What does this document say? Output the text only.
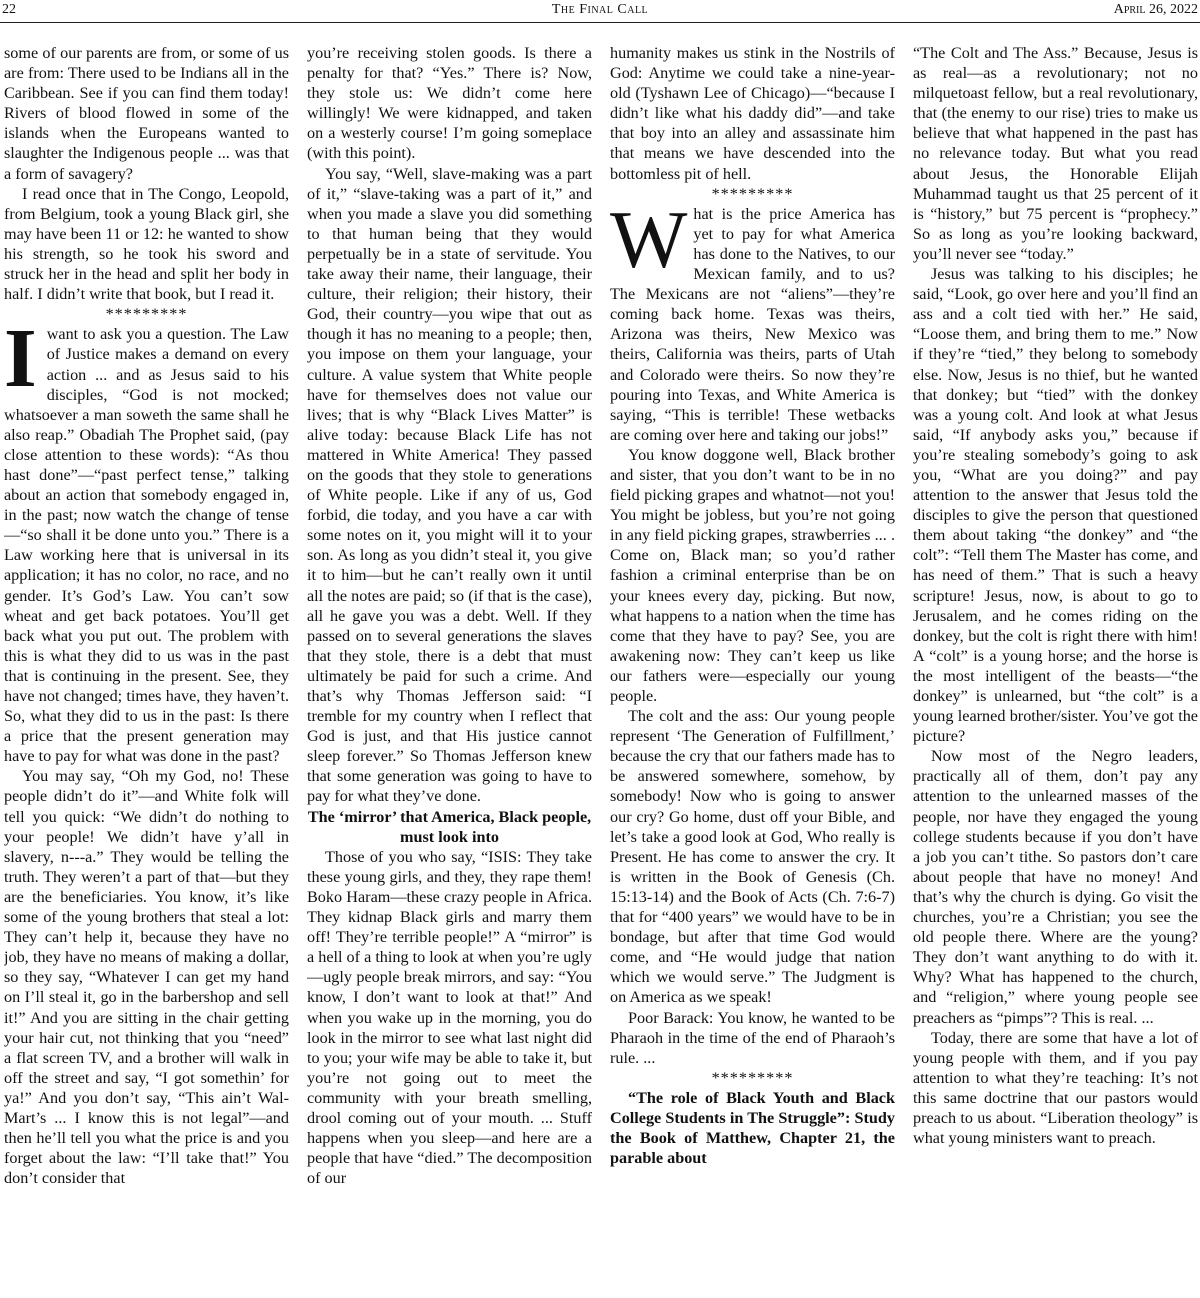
22	The Final Call	April 26, 2022

some of our parents are from, or some of us are from: There used to be Indians all in the Caribbean. See if you can find them today! Rivers of blood flowed in some of the islands when the Europeans wanted to slaughter the Indigenous people ... was that a form of savagery?

I read once that in The Congo, Leopold, from Belgium, took a young Black girl, she may have been 11 or 12: he wanted to show his strength, so he took his sword and struck her in the head and split her body in half. I didn’t write that book, but I read it.

*********

Iwant to ask you a question. The Law of Justice makes a demand on every action ... and as Jesus said to his disciples, “God is not mocked; whatsoever a man soweth the same shall he also reap.” Obadiah The Prophet said, (pay close attention to these words): “As thou hast done”—“past perfect tense,” talking about an action that somebody engaged in, in the past; now watch the change of tense—“so shall it be done unto you.” There is a Law working here that is universal in its application; it has no color, no race, and no gender. It’s God’s Law. You can’t sow wheat and get back potatoes. You’ll get back what you put out. The problem with this is what they did to us was in the past that is continuing in the present. See, they have not changed; times have, they haven’t. So, what they did to us in the past: Is there a price that the present generation may have to pay for what was done in the past?

You may say, “Oh my God, no! These people didn’t do it”—and White folk will tell you quick: “We didn’t do nothing to your people! We didn’t have y’all in slavery, n---a.” They would be telling the truth. They weren’t a part of that—but they are the beneficiaries. You know, it’s like some of the young brothers that steal a lot: They can’t help it, because they have no job, they have no means of making a dollar, so they say, “Whatever I can get my hand on I’ll steal it, go in the barbershop and sell it!” And you are sitting in the chair getting your hair cut, not thinking that you “need” a flat screen TV, and a brother will walk in off the street and say, “I got somethin’ for ya!” And you don’t say, “This ain’t Wal-Mart’s ... I know this is not legal”—and then he’ll tell you what the price is and you forget about the law: “I’ll take that!” You don’t consider that

you’re receiving stolen goods. Is there a penalty for that? “Yes.” There is? Now, they stole us: We didn’t come here willingly! We were kidnapped, and taken on a westerly course! I’m going someplace (with this point).

You say, “Well, slave-making was a part of it,” “slave-taking was a part of it,” and when you made a slave you did something to that human being that they would perpetually be in a state of servitude. You take away their name, their language, their culture, their religion; their history, their God, their country—you wipe that out as though it has no meaning to a people; then, you impose on them your language, your culture. A value system that White people have for themselves does not value our lives; that is why “Black Lives Matter” is alive today: because Black Life has not mattered in White America! They passed on the goods that they stole to generations of White people. Like if any of us, God forbid, die today, and you have a car with some notes on it, you might will it to your son. As long as you didn’t steal it, you give it to him—but he can’t really own it until all the notes are paid; so (if that is the case), all he gave you was a debt. Well. If they passed on to several generations the slaves that they stole, there is a debt that must ultimately be paid for such a crime. And that’s why Thomas Jefferson said: “I tremble for my country when I reflect that God is just, and that His justice cannot sleep forever.” So Thomas Jefferson knew that some generation was going to have to pay for what they’ve done.

The ‘mirror’ that America, Black people, must look into

Those of you who say, “ISIS: They take these young girls, and they, they rape them! Boko Haram—these crazy people in Africa. They kidnap Black girls and marry them off! They’re terrible people!” A “mirror” is a hell of a thing to look at when you’re ugly—ugly people break mirrors, and say: “You know, I don’t want to look at that!” And when you wake up in the morning, you do look in the mirror to see what last night did to you; your wife may be able to take it, but you’re not going out to meet the community with your breath smelling, drool coming out of your mouth. ... Stuff happens when you sleep—and here are a people that have “died.” The decomposition of our

humanity makes us stink in the Nostrils of God: Anytime we could take a nine-year-old (Tyshawn Lee of Chicago)—“because I didn’t like what his daddy did”—and take that boy into an alley and assassinate him that means we have descended into the bottomless pit of hell.

*********

What is the price America has yet to pay for what America has done to the Natives, to our Mexican family, and to us? The Mexicans are not “aliens”—they’re coming back home. Texas was theirs, Arizona was theirs, New Mexico was theirs, California was theirs, parts of Utah and Colorado were theirs. So now they’re pouring into Texas, and White America is saying, “This is terrible! These wetbacks are coming over here and taking our jobs!”

You know doggone well, Black brother and sister, that you don’t want to be in no field picking grapes and whatnot—not you! You might be jobless, but you’re not going in any field picking grapes, strawberries ... . Come on, Black man; so you’d rather fashion a criminal enterprise than be on your knees every day, picking. But now, what happens to a nation when the time has come that they have to pay? See, you are awakening now: They can’t keep us like our fathers were—especially our young people.

The colt and the ass: Our young people represent ‘The Generation of Fulfillment,’ because the cry that our fathers made has to be answered somewhere, somehow, by somebody! Now who is going to answer our cry? Go home, dust off your Bible, and let’s take a good look at God, Who really is Present. He has come to answer the cry. It is written in the Book of Genesis (Ch. 15:13-14) and the Book of Acts (Ch. 7:6-7) that for “400 years” we would have to be in bondage, but after that time God would come, and “He would judge that nation which we would serve.” The Judgment is on America as we speak!

Poor Barack: You know, he wanted to be Pharaoh in the time of the end of Pharaoh’s rule. ...

*********

“The role of Black Youth and Black College Students in The Struggle”: Study the Book of Matthew, Chapter 21, the parable about

“The Colt and The Ass.” Because, Jesus is as real—as a revolutionary; not no milquetoast fellow, but a real revolutionary, that (the enemy to our rise) tries to make us believe that what happened in the past has no relevance today. But what you read about Jesus, the Honorable Elijah Muhammad taught us that 25 percent of it is “history,” but 75 percent is “prophecy.” So as long as you’re looking backward, you’ll never see “today.”

Jesus was talking to his disciples; he said, “Look, go over here and you’ll find an ass and a colt tied with her.” He said, “Loose them, and bring them to me.” Now if they’re “tied,” they belong to somebody else. Now, Jesus is no thief, but he wanted that donkey; but “tied” with the donkey was a young colt. And look at what Jesus said, “If anybody asks you,” because if you’re stealing somebody’s going to ask you, “What are you doing?” and pay attention to the answer that Jesus told the disciples to give the person that questioned them about taking “the donkey” and “the colt”: “Tell them The Master has come, and has need of them.” That is such a heavy scripture! Jesus, now, is about to go to Jerusalem, and he comes riding on the donkey, but the colt is right there with him! A “colt” is a young horse; and the horse is the most intelligent of the beasts—“the donkey” is unlearned, but “the colt” is a young learned brother/sister. You’ve got the picture?

Now most of the Negro leaders, practically all of them, don’t pay any attention to the unlearned masses of the people, nor have they engaged the young college students because if you don’t have a job you can’t tithe. So pastors don’t care about people that have no money! And that’s why the church is dying. Go visit the churches, you’re a Christian; you see the old people there. Where are the young? They don’t want anything to do with it. Why? What has happened to the church, and “religion,” where young people see preachers as “pimps”? This is real. ...

Today, there are some that have a lot of young people with them, and if you pay attention to what they’re teaching: It’s not this same doctrine that our pastors would preach to us about. “Liberation theology” is what young ministers want to preach.
